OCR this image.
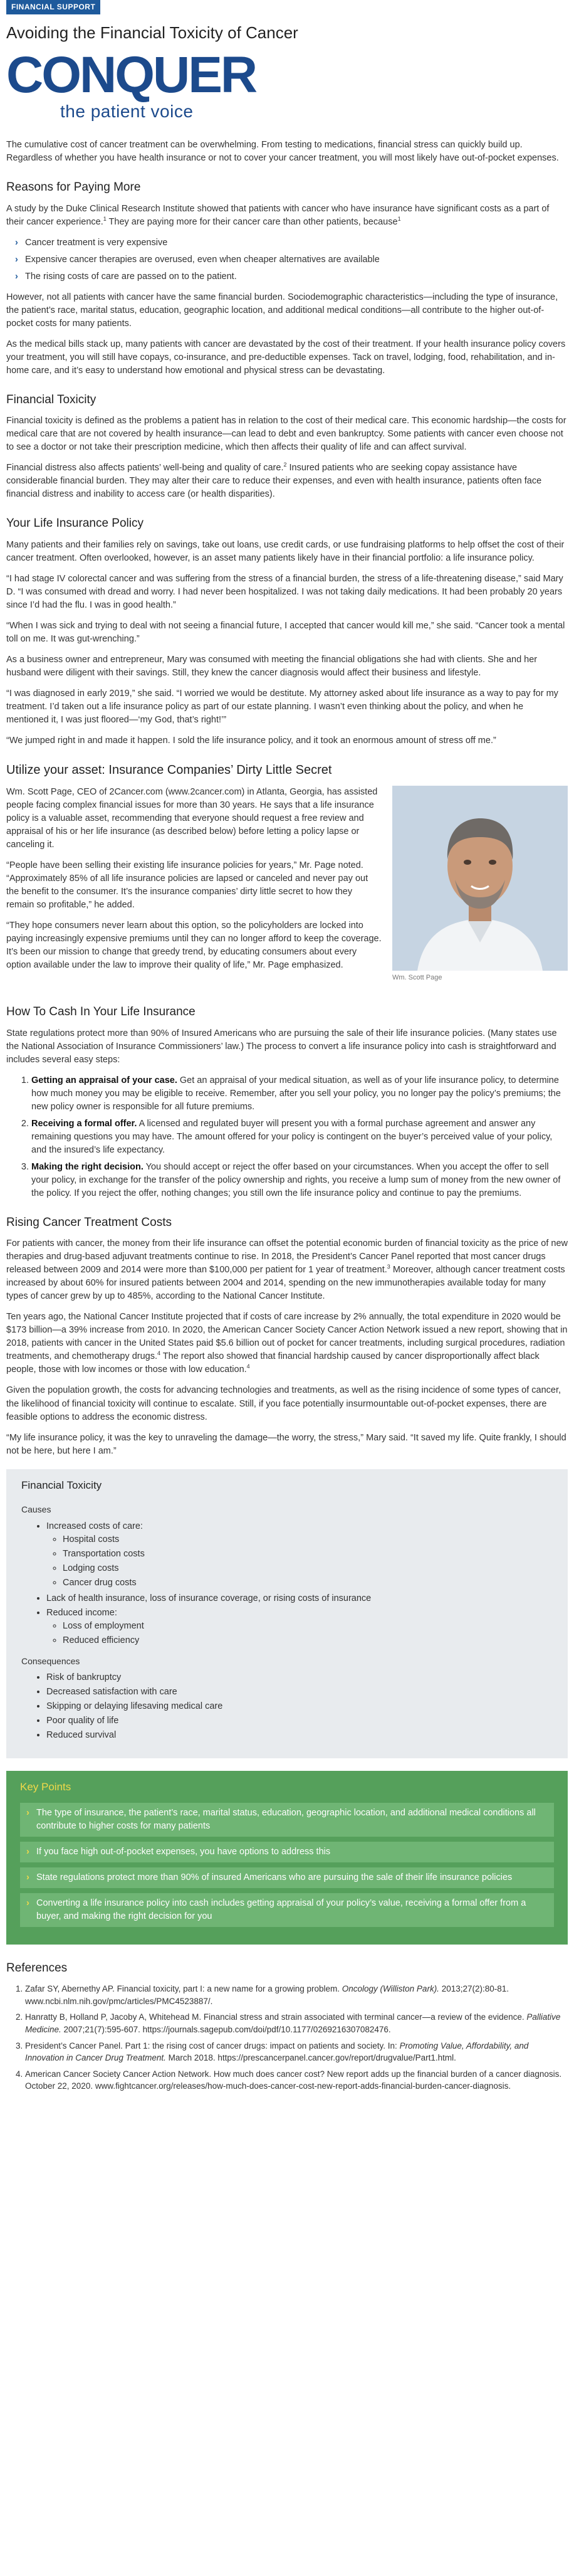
FINANCIAL SUPPORT
Avoiding the Financial Toxicity of Cancer
CONQUER
the patient voice

The cumulative cost of cancer treatment can be overwhelming. From testing to medications, financial stress can quickly build up. Regardless of whether you have health insurance or not to cover your cancer treatment, you will most likely have out-of-pocket expenses.

Reasons for Paying More

A study by the Duke Clinical Research Institute showed that patients with cancer who have insurance have significant costs as a part of their cancer experience.$^1$ They are paying more for their cancer care than other patients, because$^1$

› Cancer treatment is very expensive
› Expensive cancer therapies are overused, even when cheaper alternatives are available
› The rising costs of care are passed on to the patient.

However, not all patients with cancer have the same financial burden. Sociodemographic characteristics—including the type of insurance, the patient’s race, marital status, education, geographic location, and additional medical conditions—all contribute to the higher out-of-pocket costs for many patients.

As the medical bills stack up, many patients with cancer are devastated by the cost of their treatment. If your health insurance policy covers your treatment, you will still have copays, co-insurance, and pre-deductible expenses. Tack on travel, lodging, food, rehabilitation, and in-home care, and it’s easy to understand how emotional and physical stress can be devastating.

Financial Toxicity

Financial toxicity is defined as the problems a patient has in relation to the cost of their medical care. This economic hardship—the costs for medical care that are not covered by health insurance—can lead to debt and even bankruptcy. Some patients with cancer even choose not to see a doctor or not take their prescription medicine, which then affects their quality of life and can affect survival.

Financial distress also affects patients’ well-being and quality of care.$^2$ Insured patients who are seeking copay assistance have considerable financial burden. They may alter their care to reduce their expenses, and even with health insurance, patients often face financial distress and inability to access care (or health disparities).

Your Life Insurance Policy

Many patients and their families rely on savings, take out loans, use credit cards, or use fundraising platforms to help offset the cost of their cancer treatment. Often overlooked, however, is an asset many patients likely have in their financial portfolio: a life insurance policy.

“I had stage IV colorectal cancer and was suffering from the stress of a financial burden, the stress of a life-threatening disease,” said Mary D. “I was consumed with dread and worry. I had never been hospitalized. I was not taking daily medications. It had been probably 20 years since I’d had the flu. I was in good health.”

“When I was sick and trying to deal with not seeing a financial future, I accepted that cancer would kill me,” she said. “Cancer took a mental toll on me. It was gut-wrenching.”

As a business owner and entrepreneur, Mary was consumed with meeting the financial obligations she had with clients. She and her husband were diligent with their savings. Still, they knew the cancer diagnosis would affect their business and lifestyle.

“I was diagnosed in early 2019,” she said. “I worried we would be destitute. My attorney asked about life insurance as a way to pay for my treatment. I’d taken out a life insurance policy as part of our estate planning. I wasn’t even thinking about the policy, and when he mentioned it, I was just floored—‘my God, that’s right!’”

“We jumped right in and made it happen. I sold the life insurance policy, and it took an enormous amount of stress off me.”

Utilize your asset: Insurance Companies’ Dirty Little Secret
Wm. Scott Page

Wm. Scott Page, CEO of 2Cancer.com (www.2cancer.com) in Atlanta, Georgia, has assisted people facing complex financial issues for more than 30 years. He says that a life insurance policy is a valuable asset, recommending that everyone should request a free review and appraisal of his or her life insurance (as described below) before letting a policy lapse or canceling it.

“People have been selling their existing life insurance policies for years,” Mr. Page noted. “Approximately 85% of all life insurance policies are lapsed or canceled and never pay out the benefit to the consumer. It’s the insurance companies’ dirty little secret to how they remain so profitable,” he added.

“They hope consumers never learn about this option, so the policyholders are locked into paying increasingly expensive premiums until they can no longer afford to keep the coverage. It’s been our mission to change that greedy trend, by educating consumers about every option available under the law to improve their quality of life,” Mr. Page emphasized.

How To Cash In Your Life Insurance

State regulations protect more than 90% of Insured Americans who are pursuing the sale of their life insurance policies. (Many states use the National Association of Insurance Commissioners’ law.) The process to convert a life insurance policy into cash is straightforward and includes several easy steps:

1. Getting an appraisal of your case. Get an appraisal of your medical situation, as well as of your life insurance policy, to determine how much money you may be eligible to receive. Remember, after you sell your policy, you no longer pay the policy’s premiums; the new policy owner is responsible for all future premiums.
2. Receiving a formal offer. A licensed and regulated buyer will present you with a formal purchase agreement and answer any remaining questions you may have. The amount offered for your policy is contingent on the buyer’s perceived value of your policy, and the insured’s life expectancy.
3. Making the right decision. You should accept or reject the offer based on your circumstances. When you accept the offer to sell your policy, in exchange for the transfer of the policy ownership and rights, you receive a lump sum of money from the new owner of the policy. If you reject the offer, nothing changes; you still own the life insurance policy and continue to pay the premiums.
Rising Cancer Treatment Costs

For patients with cancer, the money from their life insurance can offset the potential economic burden of financial toxicity as the price of new therapies and drug-based adjuvant treatments continue to rise. In 2018, the President’s Cancer Panel reported that most cancer drugs released between 2009 and 2014 were more than $100,000 per patient for 1 year of treatment.$^3$ Moreover, although cancer treatment costs increased by about 60% for insured patients between 2004 and 2014, spending on the new immunotherapies available today for many types of cancer grew by up to 485%, according to the National Cancer Institute.

Ten years ago, the National Cancer Institute projected that if costs of care increase by 2% annually, the total expenditure in 2020 would be $173 billion—a 39% increase from 2010. In 2020, the American Cancer Society Cancer Action Network issued a new report, showing that in 2018, patients with cancer in the United States paid $5.6 billion out of pocket for cancer treatments, including surgical procedures, radiation treatments, and chemotherapy drugs.$^4$ The report also showed that financial hardship caused by cancer disproportionally affect black people, those with low incomes or those with low education.$^4$

Given the population growth, the costs for advancing technologies and treatments, as well as the rising incidence of some types of cancer, the likelihood of financial toxicity will continue to escalate. Still, if you face potentially insurmountable out-of-pocket expenses, there are feasible options to address the economic distress.

“My life insurance policy, it was the key to unraveling the damage—the worry, the stress,” Mary said. “It saved my life. Quite frankly, I should not be here, but here I am.”

Financial Toxicity
Causes
• Increased costs of care:
◦ Hospital costs
◦ Transportation costs
◦ Lodging costs
◦ Cancer drug costs
• Lack of health insurance, loss of insurance coverage, or rising costs of insurance
• Reduced income:
◦ Loss of employment
◦ Reduced efficiency
Consequences
• Risk of bankruptcy
• Decreased satisfaction with care
• Skipping or delaying lifesaving medical care
• Poor quality of life
• Reduced survival
Key Points
› The type of insurance, the patient’s race, marital status, education, geographic location, and additional medical conditions all contribute to higher costs for many patients
› If you face high out-of-pocket expenses, you have options to address this
› State regulations protect more than 90% of insured Americans who are pursuing the sale of their life insurance policies
› Converting a life insurance policy into cash includes getting appraisal of your policy’s value, receiving a formal offer from a buyer, and making the right decision for you
References
1. Zafar SY, Abernethy AP. Financial toxicity, part I: a new name for a growing problem. Oncology (Williston Park). 2013;27(2):80-81. www.ncbi.nlm.nih.gov/pmc/articles/PMC4523887/.
2. Hanratty B, Holland P, Jacoby A, Whitehead M. Financial stress and strain associated with terminal cancer—a review of the evidence. Palliative Medicine. 2007;21(7):595-607. https://journals.sagepub.com/doi/pdf/10.1177/0269216307082476.
3. President’s Cancer Panel. Part 1: the rising cost of cancer drugs: impact on patients and society. In: Promoting Value, Affordability, and Innovation in Cancer Drug Treatment. March 2018. https://prescancerpanel.cancer.gov/report/drugvalue/Part1.html.
4. American Cancer Society Cancer Action Network. How much does cancer cost? New report adds up the financial burden of a cancer diagnosis. October 22, 2020. www.fightcancer.org/releases/how-much-does-cancer-cost-new-report-adds-financial-burden-cancer-diagnosis.
